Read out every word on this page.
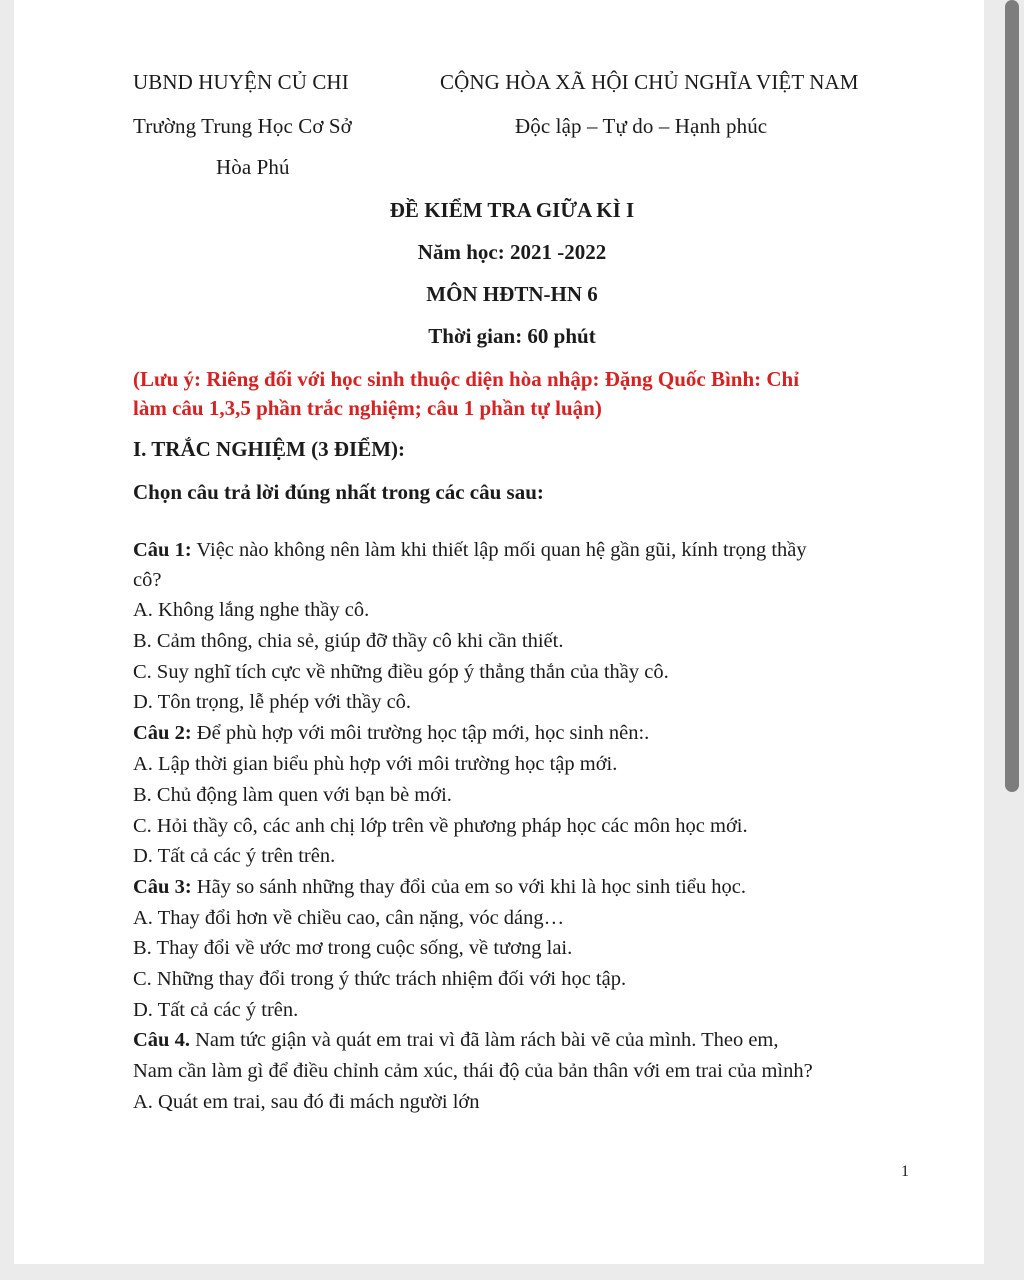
UBND HUYỆN CỦ CHI
Trường Trung Học Cơ Sở
Hòa Phú
CỘNG HÒA XÃ HỘI CHỦ NGHĨA VIỆT NAM
Độc lập – Tự do – Hạnh phúc
ĐỀ KIỂM TRA GIỮA KÌ I
Năm học: 2021 -2022
MÔN HĐTN-HN 6
Thời gian: 60 phút
(Lưu ý: Riêng đối với học sinh thuộc diện hòa nhập: Đặng Quốc Bình: Chỉ
làm câu 1,3,5 phần trắc nghiệm; câu 1 phần tự luận)
I. TRẮC NGHIỆM (3 ĐIỂM):
Chọn câu trả lời đúng nhất trong các câu sau:
Câu 1: Việc nào không nên làm khi thiết lập mối quan hệ gần gũi, kính trọng thầy
cô?
A. Không lắng nghe thầy cô.
B. Cảm thông, chia sẻ, giúp đỡ thầy cô khi cần thiết.
C. Suy nghĩ tích cực về những điều góp ý thẳng thắn của thầy cô.
D. Tôn trọng, lễ phép với thầy cô.
Câu 2: Để phù hợp với môi trường học tập mới, học sinh nên:.
A. Lập thời gian biểu phù hợp với môi trường học tập mới.
B. Chủ động làm quen với bạn bè mới.
C. Hỏi thầy cô, các anh chị lớp trên về phương pháp học các môn học mới.
D. Tất cả các ý trên trên.
Câu 3: Hãy so sánh những thay đổi của em so với khi là học sinh tiểu học.
A. Thay đổi hơn về chiều cao, cân nặng, vóc dáng…
B. Thay đổi về ước mơ trong cuộc sống, về tương lai.
C. Những thay đổi trong ý thức trách nhiệm đối với học tập.
D. Tất cả các ý trên.
Câu 4. Nam tức giận và quát em trai vì đã làm rách bài vẽ của mình. Theo em,
Nam cần làm gì để điều chỉnh cảm xúc, thái độ của bản thân với em trai của mình?
A. Quát em trai, sau đó đi mách người lớn
1
